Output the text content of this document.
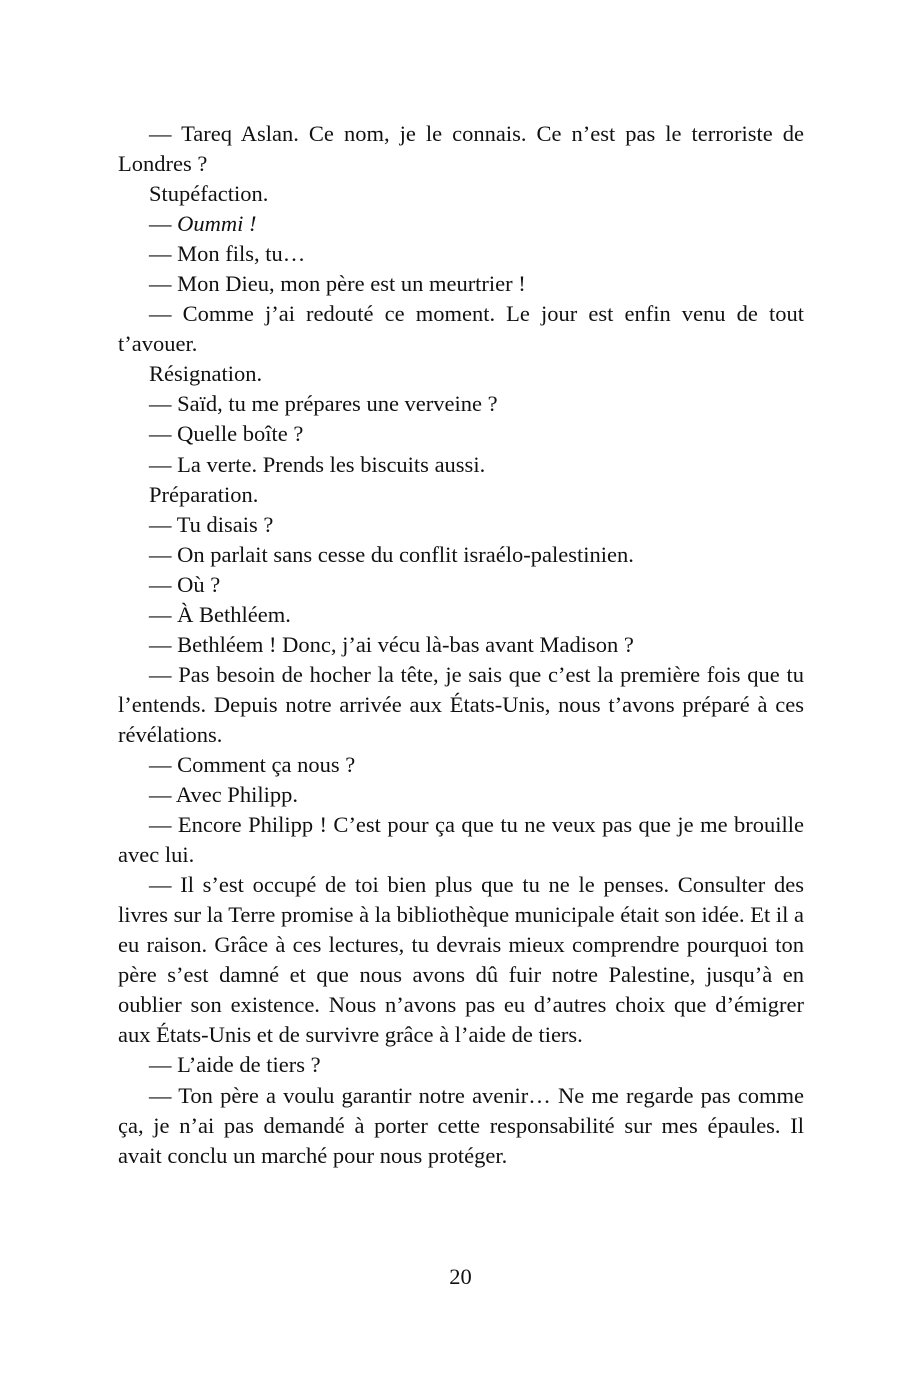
— Tareq Aslan. Ce nom, je le connais. Ce n’est pas le terroriste de Londres ?

Stupéfaction.

— Oummi !

— Mon fils, tu…

— Mon Dieu, mon père est un meurtrier !

— Comme j’ai redouté ce moment. Le jour est enfin venu de tout t’avouer.

Résignation.

— Saïd, tu me prépares une verveine ?

— Quelle boîte ?

— La verte. Prends les biscuits aussi.

Préparation.

— Tu disais ?

— On parlait sans cesse du conflit israélo-palestinien.

— Où ?

— À Bethléem.

— Bethléem ! Donc, j’ai vécu là-bas avant Madison ?

— Pas besoin de hocher la tête, je sais que c’est la première fois que tu l’entends. Depuis notre arrivée aux États-Unis, nous t’avons préparé à ces révélations.

— Comment ça nous ?

— Avec Philipp.

— Encore Philipp ! C’est pour ça que tu ne veux pas que je me brouille avec lui.

— Il s’est occupé de toi bien plus que tu ne le penses. Consulter des livres sur la Terre promise à la bibliothèque municipale était son idée. Et il a eu raison. Grâce à ces lectures, tu devrais mieux comprendre pourquoi ton père s’est damné et que nous avons dû fuir notre Palestine, jusqu’à en oublier son existence. Nous n’avons pas eu d’autres choix que d’émigrer aux États-Unis et de survivre grâce à l’aide de tiers.

— L’aide de tiers ?

— Ton père a voulu garantir notre avenir… Ne me regarde pas comme ça, je n’ai pas demandé à porter cette responsabilité sur mes épaules. Il avait conclu un marché pour nous protéger.

20
